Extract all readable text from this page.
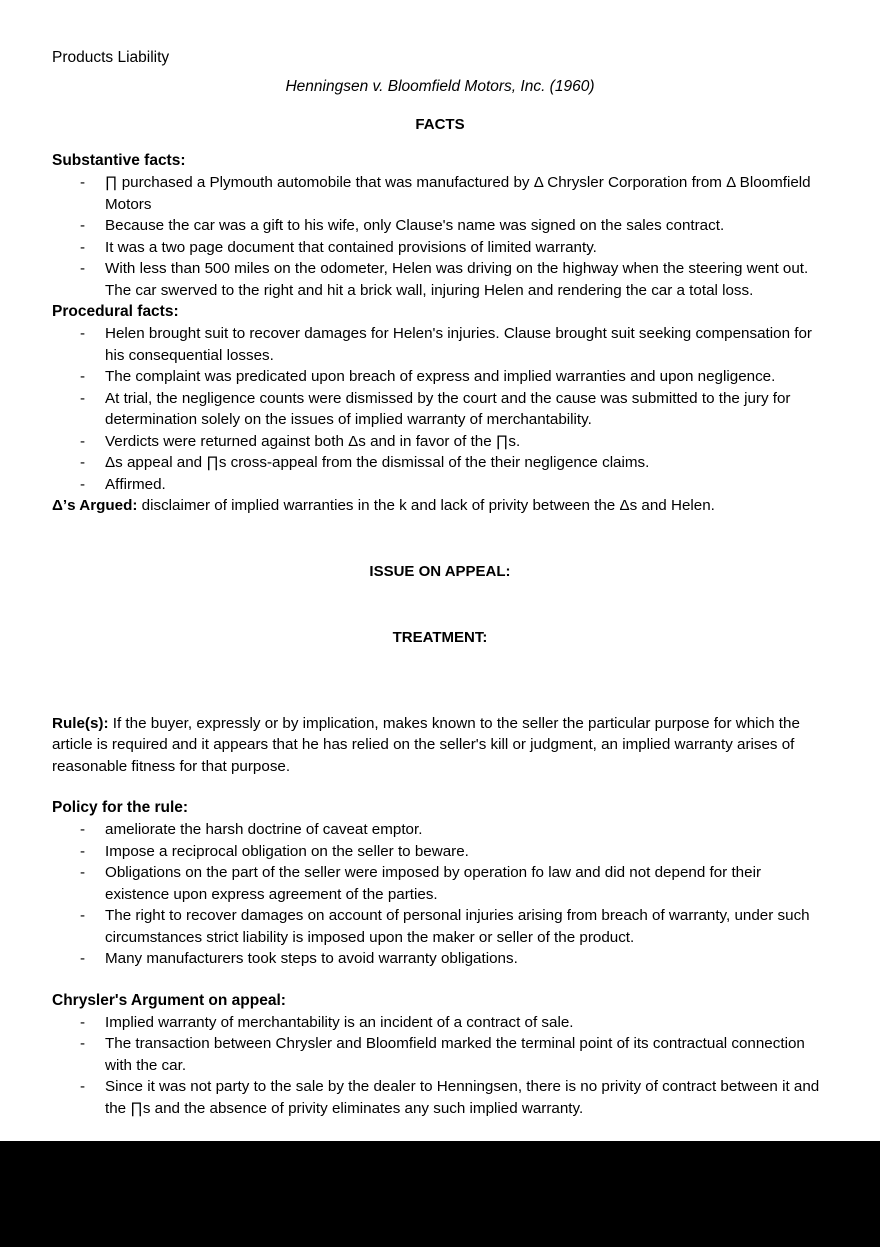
Products Liability
Henningsen v. Bloomfield Motors, Inc. (1960)
FACTS
Substantive facts:
- ∏ purchased a Plymouth automobile that was manufactured by Δ Chrysler Corporation from Δ Bloomfield Motors
- Because the car was a gift to his wife, only Clause's name was signed on the sales contract.
- It was a two page document that contained provisions of limited warranty.
- With less than 500 miles on the odometer, Helen was driving on the highway when the steering went out. The car swerved to the right and hit a brick wall, injuring Helen and rendering the car a total loss.
Procedural facts:
- Helen brought suit to recover damages for Helen's injuries. Clause brought suit seeking compensation for his consequential losses.
- The complaint was predicated upon breach of express and implied warranties and upon negligence.
- At trial, the negligence counts were dismissed by the court and the cause was submitted to the jury for determination solely on the issues of implied warranty of merchantability.
- Verdicts were returned against both Δs and in favor of the ∏s.
- Δs appeal and ∏s cross-appeal from the dismissal of the their negligence claims.
- Afﬁrmed.

Δ’s Argued: disclaimer of implied warranties in the k and lack of privity between the Δs and Helen.

ISSUE ON APPEAL:
TREATMENT:

Rule(s): If the buyer, expressly or by implication, makes known to the seller the particular purpose for which the article is required and it appears that he has relied on the seller's kill or judgment, an implied warranty arises of reasonable fitness for that purpose.

Policy for the rule:
- ameliorate the harsh doctrine of caveat emptor.
- Impose a reciprocal obligation on the seller to beware.
- Obligations on the part of the seller were imposed by operation fo law and did not depend for their existence upon express agreement of the parties.
- The right to recover damages on account of personal injuries arising from breach of warranty, under such circumstances strict liability is imposed upon the maker or seller of the product.
- Many manufacturers took steps to avoid warranty obligations.
Chrysler's Argument on appeal:
- Implied warranty of merchantability is an incident of a contract of sale.
- The transaction between Chrysler and Bloomfield marked the terminal point of its contractual connection with the car.
- Since it was not party to the sale by the dealer to Henningsen, there is no privity of contract between it and the ∏s and the absence of privity eliminates any such implied warranty.
